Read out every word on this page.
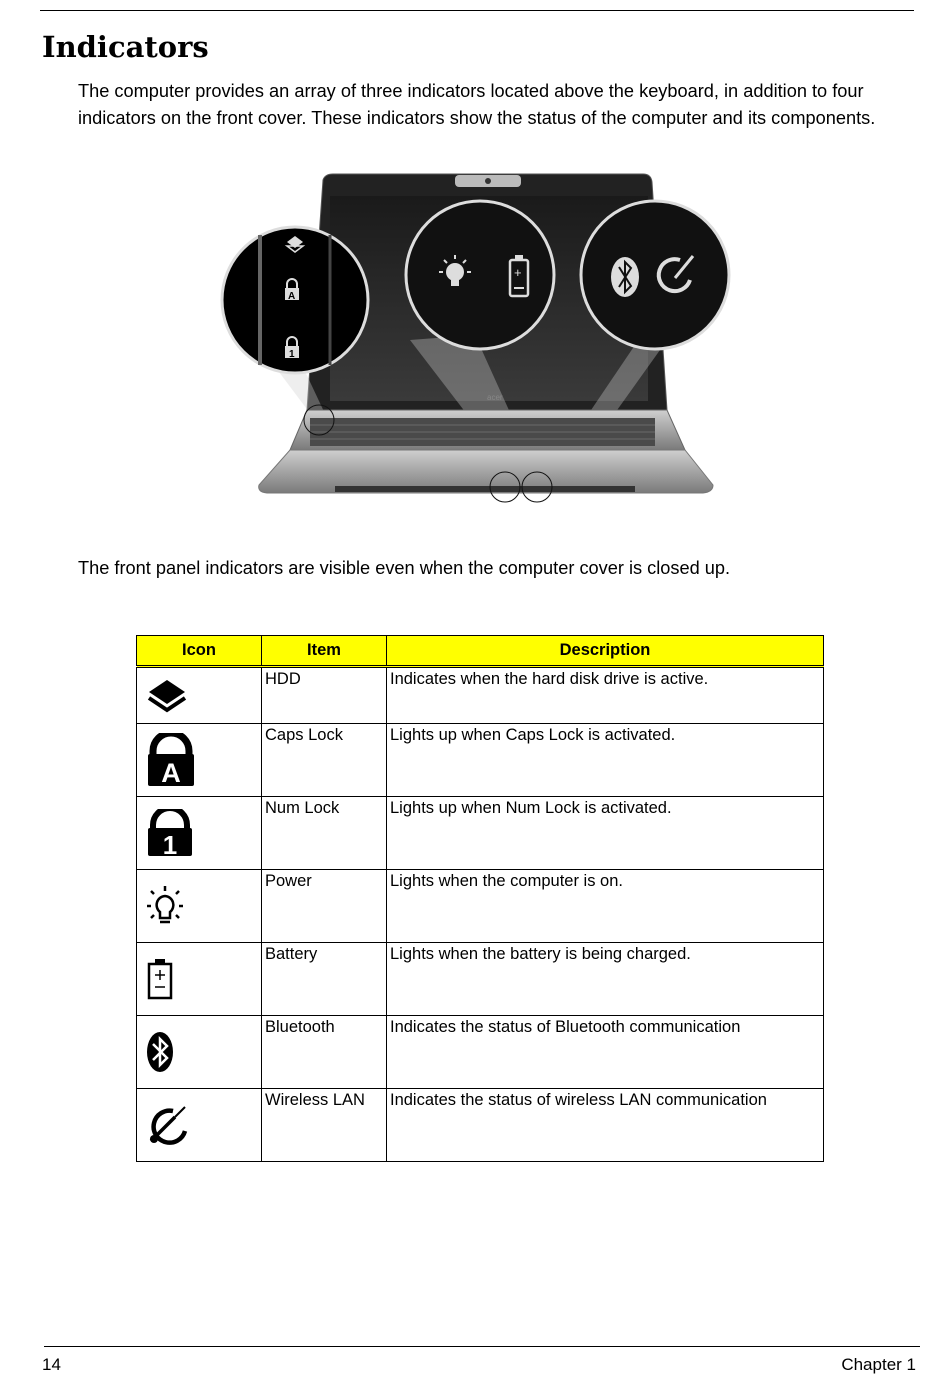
Indicators

The computer provides an array of three indicators located above the keyboard, in addition to four indicators on the front cover. These indicators show the status of the computer and its components.

acer
A
1
+

The front panel indicators are visible even when the computer cover is closed up.

Icon	Item	Description

	HDD	Indicates when the hard disk drive is active.

A	Caps Lock	Lights up when Caps Lock is activated.

1	Num Lock	Lights up when Num Lock is activated.

	Power	Lights when the computer is on.

	Battery	Lights when the battery is being charged.

	Bluetooth	Indicates the status of Bluetooth communication

	Wireless LAN	Indicates the status of wireless LAN communication
14	Chapter 1
